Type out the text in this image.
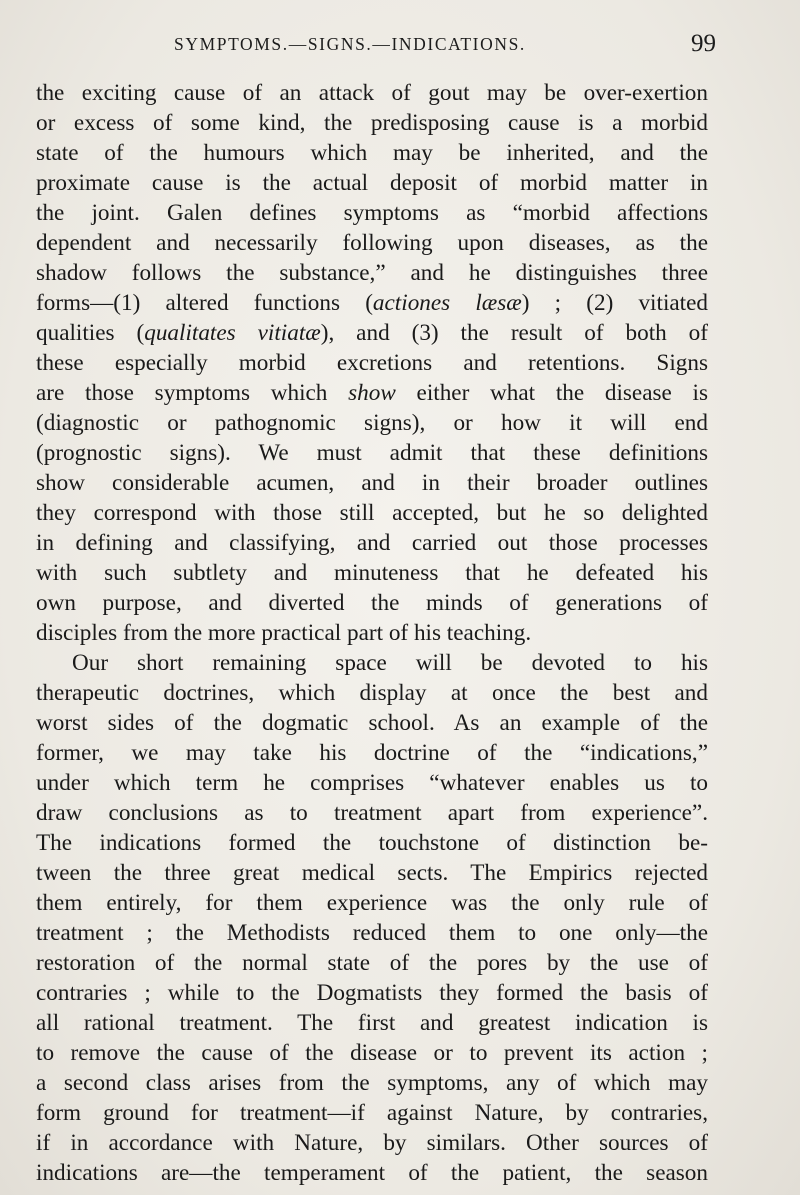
SYMPTOMS.—SIGNS.—INDICATIONS.	99
the exciting cause of an attack of gout may be over-exertion
or excess of some kind, the predisposing cause is a morbid
state of the humours which may be inherited, and the
proximate cause is the actual deposit of morbid matter in
the joint. Galen defines symptoms as “morbid affections
dependent and necessarily following upon diseases, as the
shadow follows the substance,” and he distinguishes three
forms—(1) altered functions (actiones læsæ) ; (2) vitiated
qualities (qualitates vitiatæ), and (3) the result of both of
these especially morbid excretions and retentions. Signs
are those symptoms which show either what the disease is
(diagnostic or pathognomic signs), or how it will end
(prognostic signs). We must admit that these definitions
show considerable acumen, and in their broader outlines
they correspond with those still accepted, but he so delighted
in defining and classifying, and carried out those processes
with such subtlety and minuteness that he defeated his
own purpose, and diverted the minds of generations of
disciples from the more practical part of his teaching.
Our short remaining space will be devoted to his
therapeutic doctrines, which display at once the best and
worst sides of the dogmatic school. As an example of the
former, we may take his doctrine of the “indications,”
under which term he comprises “whatever enables us to
draw conclusions as to treatment apart from experience”.
The indications formed the touchstone of distinction be-
tween the three great medical sects. The Empirics rejected
them entirely, for them experience was the only rule of
treatment ; the Methodists reduced them to one only—the
restoration of the normal state of the pores by the use of
contraries ; while to the Dogmatists they formed the basis of
all rational treatment. The first and greatest indication is
to remove the cause of the disease or to prevent its action ;
a second class arises from the symptoms, any of which may
form ground for treatment—if against Nature, by contraries,
if in accordance with Nature, by similars. Other sources of
indications are—the temperament of the patient, the season
